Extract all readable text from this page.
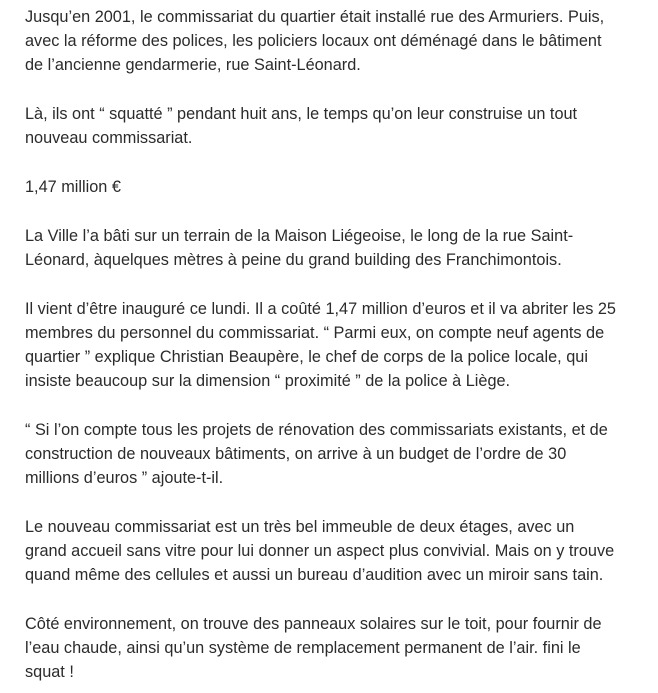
Jusqu’en 2001, le commissariat du quartier était installé rue des Armuriers. Puis,
avec la réforme des polices, les policiers locaux ont déménagé dans le bâtiment
de l’ancienne gendarmerie, rue Saint-Léonard.

Là, ils ont “ squatté ” pendant huit ans, le temps qu’on leur construise un tout
nouveau commissariat.

1,47 million €

La Ville l’a bâti sur un terrain de la Maison Liégeoise, le long de la rue Saint-
Léonard, àquelques mètres à peine du grand building des Franchimontois.

Il vient d’être inauguré ce lundi. Il a coûté 1,47 million d’euros et il va abriter les 25
membres du personnel du commissariat. “ Parmi eux, on compte neuf agents de
quartier ” explique Christian Beaupère, le chef de corps de la police locale, qui
insiste beaucoup sur la dimension “ proximité ” de la police à Liège.

“ Si l’on compte tous les projets de rénovation des commissariats existants, et de
construction de nouveaux bâtiments, on arrive à un budget de l’ordre de 30
millions d’euros ” ajoute-t-il.

Le nouveau commissariat est un très bel immeuble de deux étages, avec un
grand accueil sans vitre pour lui donner un aspect plus convivial. Mais on y trouve
quand même des cellules et aussi un bureau d’audition avec un miroir sans tain.

Côté environnement, on trouve des panneaux solaires sur le toit, pour fournir de
l’eau chaude, ainsi qu’un système de remplacement permanent de l’air. fini le
squat !
